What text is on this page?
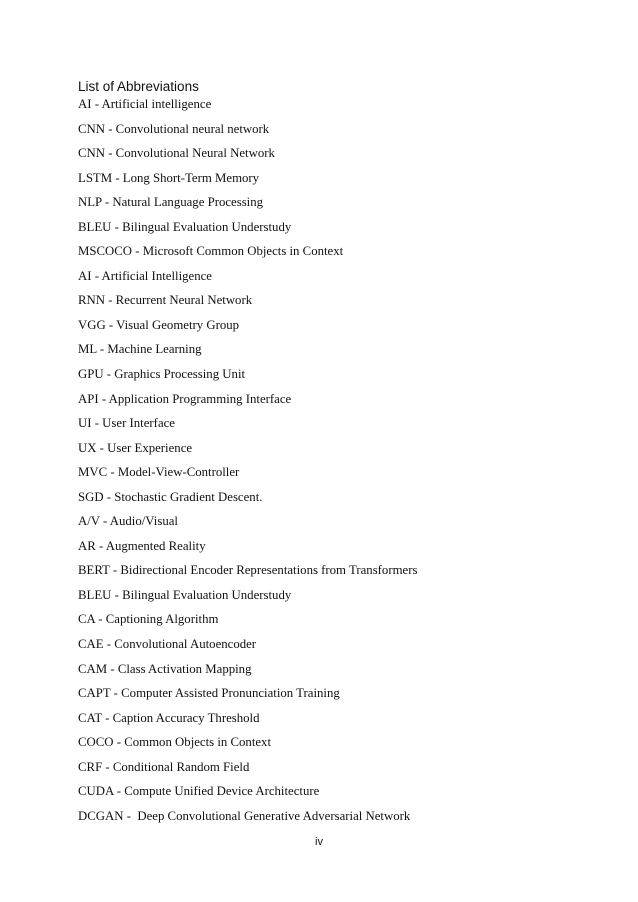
List of Abbreviations
AI - Artificial intelligence
CNN - Convolutional neural network
CNN - Convolutional Neural Network
LSTM - Long Short-Term Memory
NLP - Natural Language Processing
BLEU - Bilingual Evaluation Understudy
MSCOCO - Microsoft Common Objects in Context
AI - Artificial Intelligence
RNN - Recurrent Neural Network
VGG - Visual Geometry Group
ML - Machine Learning
GPU - Graphics Processing Unit
API - Application Programming Interface
UI - User Interface
UX - User Experience
MVC - Model-View-Controller
SGD - Stochastic Gradient Descent.
A/V - Audio/Visual
AR - Augmented Reality
BERT - Bidirectional Encoder Representations from Transformers
BLEU - Bilingual Evaluation Understudy
CA - Captioning Algorithm
CAE - Convolutional Autoencoder
CAM - Class Activation Mapping
CAPT - Computer Assisted Pronunciation Training
CAT - Caption Accuracy Threshold
COCO - Common Objects in Context
CRF - Conditional Random Field
CUDA - Compute Unified Device Architecture
DCGAN -  Deep Convolutional Generative Adversarial Network
iv
